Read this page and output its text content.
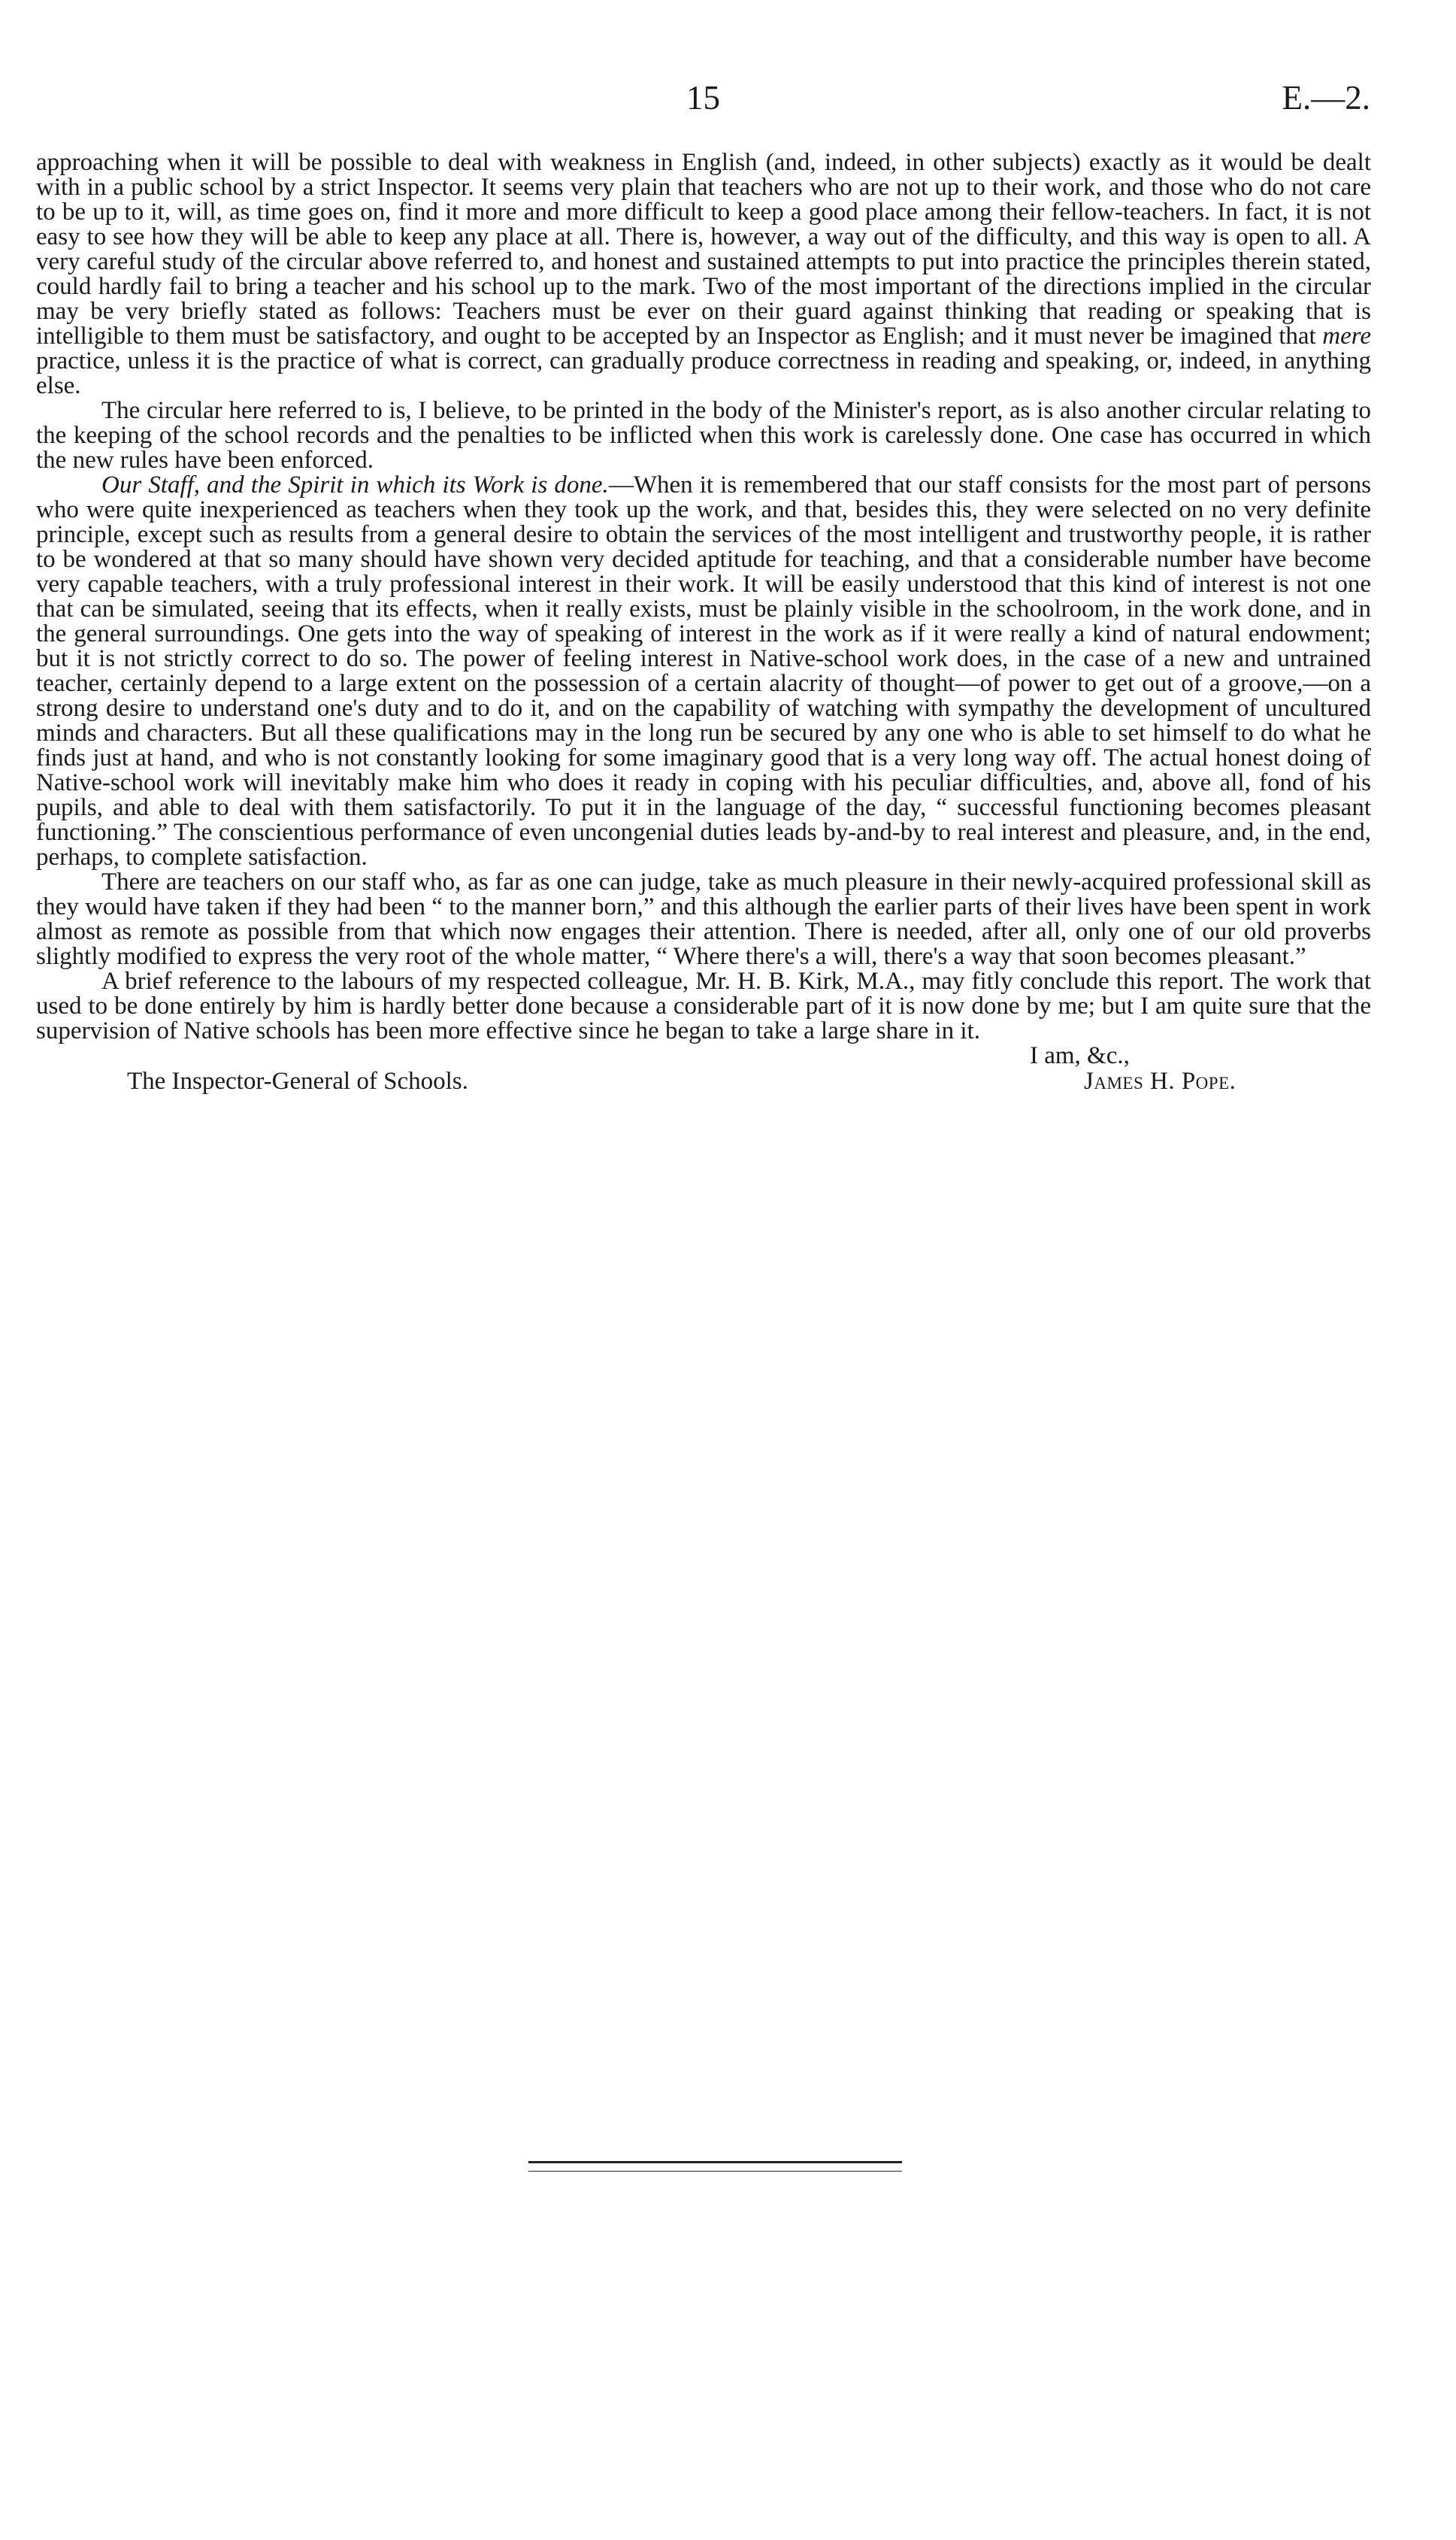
15	E.—2.

approaching when it will be possible to deal with weakness in English (and, indeed, in other subjects) exactly as it would be dealt with in a public school by a strict Inspector. It seems very plain that teachers who are not up to their work, and those who do not care to be up to it, will, as time goes on, find it more and more difficult to keep a good place among their fellow-teachers. In fact, it is not easy to see how they will be able to keep any place at all. There is, however, a way out of the difficulty, and this way is open to all. A very careful study of the circular above referred to, and honest and sustained attempts to put into practice the principles therein stated, could hardly fail to bring a teacher and his school up to the mark. Two of the most important of the directions implied in the circular may be very briefly stated as follows: Teachers must be ever on their guard against thinking that reading or speaking that is intelligible to them must be satisfactory, and ought to be accepted by an Inspector as English; and it must never be imagined that mere practice, unless it is the practice of what is correct, can gradually produce correctness in reading and speaking, or, indeed, in anything else.

The circular here referred to is, I believe, to be printed in the body of the Minister's report, as is also another circular relating to the keeping of the school records and the penalties to be inflicted when this work is carelessly done. One case has occurred in which the new rules have been enforced.

Our Staff, and the Spirit in which its Work is done.—When it is remembered that our staff consists for the most part of persons who were quite inexperienced as teachers when they took up the work, and that, besides this, they were selected on no very definite principle, except such as results from a general desire to obtain the services of the most intelligent and trustworthy people, it is rather to be wondered at that so many should have shown very decided aptitude for teaching, and that a considerable number have become very capable teachers, with a truly professional interest in their work. It will be easily understood that this kind of interest is not one that can be simulated, seeing that its effects, when it really exists, must be plainly visible in the schoolroom, in the work done, and in the general surroundings. One gets into the way of speaking of interest in the work as if it were really a kind of natural endowment; but it is not strictly correct to do so. The power of feeling interest in Native-school work does, in the case of a new and untrained teacher, certainly depend to a large extent on the possession of a certain alacrity of thought—of power to get out of a groove,—on a strong desire to understand one's duty and to do it, and on the capability of watching with sympathy the development of uncultured minds and characters. But all these qualifications may in the long run be secured by any one who is able to set himself to do what he finds just at hand, and who is not constantly looking for some imaginary good that is a very long way off. The actual honest doing of Native-school work will inevitably make him who does it ready in coping with his peculiar difficulties, and, above all, fond of his pupils, and able to deal with them satisfactorily. To put it in the language of the day, “ successful functioning becomes pleasant functioning.” The conscientious performance of even uncongenial duties leads by-and-by to real interest and pleasure, and, in the end, perhaps, to complete satisfaction.

There are teachers on our staff who, as far as one can judge, take as much pleasure in their newly-acquired professional skill as they would have taken if they had been “ to the manner born,” and this although the earlier parts of their lives have been spent in work almost as remote as possible from that which now engages their attention. There is needed, after all, only one of our old proverbs slightly modified to express the very root of the whole matter, “ Where there's a will, there's a way that soon becomes pleasant.”

A brief reference to the labours of my respected colleague, Mr. H. B. Kirk, M.A., may fitly conclude this report. The work that used to be done entirely by him is hardly better done because a considerable part of it is now done by me; but I am quite sure that the supervision of Native schools has been more effective since he began to take a large share in it.

I am, &c.,
The Inspector-General of Schools.	James H. Pope.
